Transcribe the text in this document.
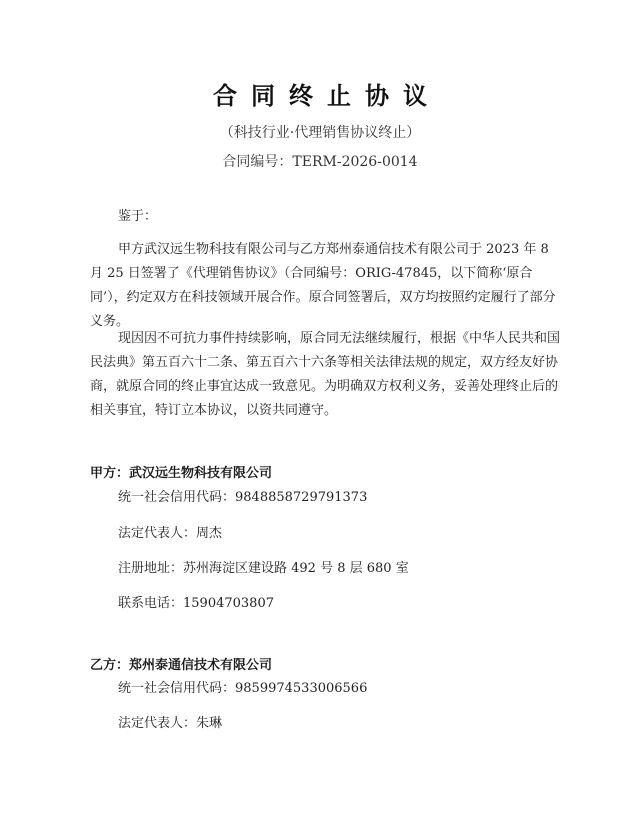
合同终止协议
（科技行业·代理销售协议终止）
合同编号：TERM-2026-0014
鉴于：
甲方武汉远生物科技有限公司与乙方郑州泰通信技术有限公司于 2023 年 8 月 25 日签署了《代理销售协议》（合同编号：ORIG-47845，以下简称‘原合同’），约定双方在科技领域开展合作。原合同签署后，双方均按照约定履行了部分义务。
现因因不可抗力事件持续影响，原合同无法继续履行，根据《中华人民共和国民法典》第五百六十二条、第五百六十六条等相关法律法规的规定，双方经友好协商，就原合同的终止事宜达成一致意见。为明确双方权利义务，妥善处理终止后的相关事宜，特订立本协议，以资共同遵守。
甲方：武汉远生物科技有限公司
统一社会信用代码：9848858729791373
法定代表人：周杰
注册地址：苏州海淀区建设路 492 号 8 层 680 室
联系电话：15904703807
乙方：郑州泰通信技术有限公司
统一社会信用代码：9859974533006566
法定代表人：朱琳
